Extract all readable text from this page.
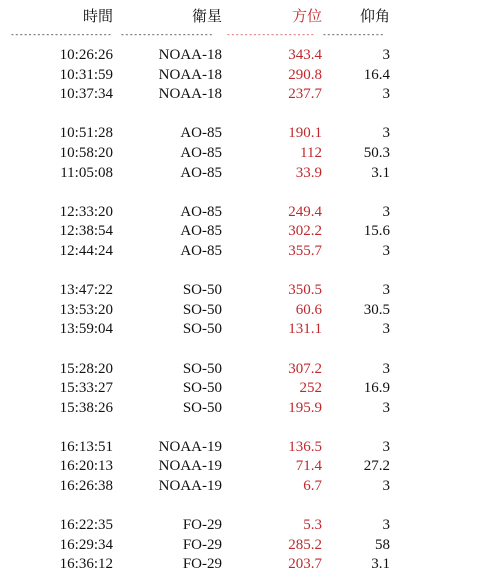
時間	衛星	方位	仰角
-----------------------	---------------------	-------------------- --------------
10:26:26	NOAA-18	343.4	3
10:31:59	NOAA-18	290.8	16.4
10:37:34	NOAA-18	237.7	3
10:51:28	AO-85	190.1	3
10:58:20	AO-85	112	50.3
11:05:08	AO-85	33.9	3.1
12:33:20	AO-85	249.4	3
12:38:54	AO-85	302.2	15.6
12:44:24	AO-85	355.7	3
13:47:22	SO-50	350.5	3
13:53:20	SO-50	60.6	30.5
13:59:04	SO-50	131.1	3
15:28:20	SO-50	307.2	3
15:33:27	SO-50	252	16.9
15:38:26	SO-50	195.9	3
16:13:51	NOAA-19	136.5	3
16:20:13	NOAA-19	71.4	27.2
16:26:38	NOAA-19	6.7	3
16:22:35	FO-29	5.3	3
16:29:34	FO-29	285.2	58
16:36:12	FO-29	203.7	3.1
